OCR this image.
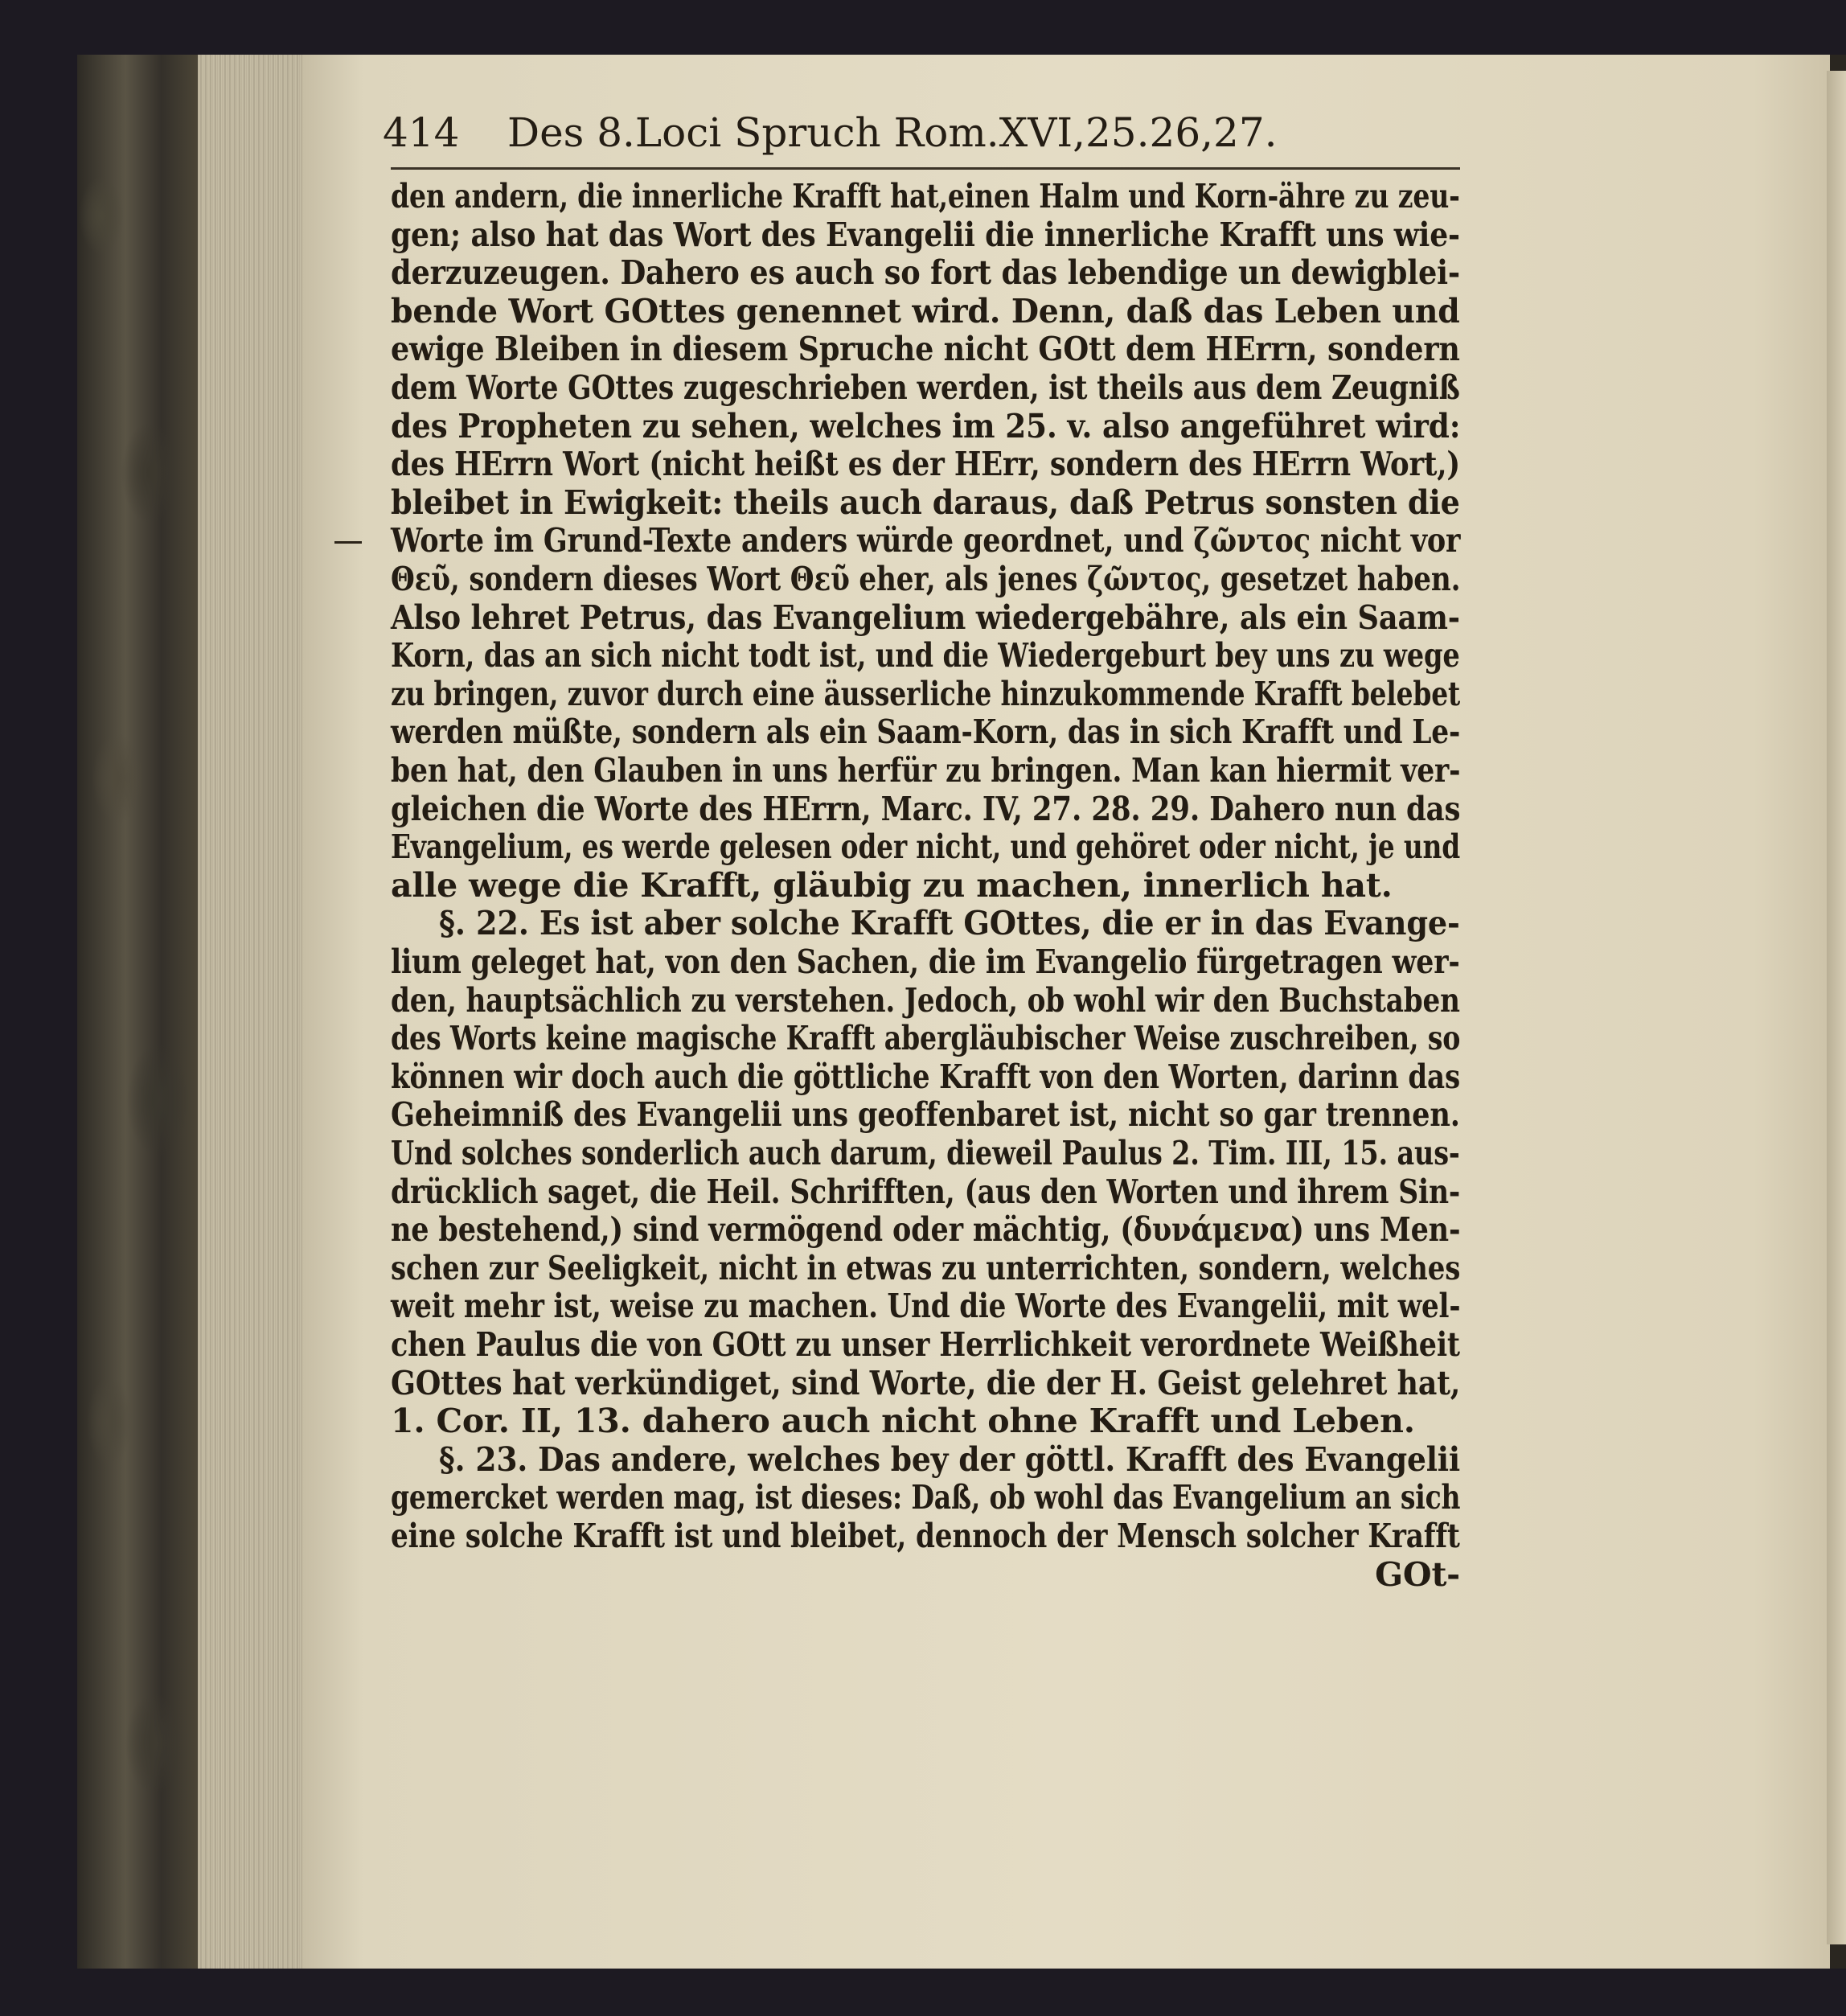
414 Des 8.Loci Spruch Rom.XVI,25.26,27.
den andern, die innerliche Krafft hat,einen Halm und Korn-ähre zu zeu-
gen; also hat das Wort des Evangelii die innerliche Krafft uns wie-
derzuzeugen. Dahero es auch so fort das lebendige un dewigblei-
bende Wort GOttes genennet wird. Denn, daß das Leben und
ewige Bleiben in diesem Spruche nicht GOtt dem HErrn, sondern
dem Worte GOttes zugeschrieben werden, ist theils aus dem Zeugniß
des Propheten zu sehen, welches im 25. v. also angeführet wird:
des HErrn Wort (nicht heißt es der HErr, sondern des HErrn Wort,)
bleibet in Ewigkeit: theils auch daraus, daß Petrus sonsten die
Worte im Grund-Texte anders würde geordnet, und ζῶντος nicht vor
Θεῦ, sondern dieses Wort Θεῦ eher, als jenes ζῶντος, gesetzet haben.
Also lehret Petrus, das Evangelium wiedergebähre, als ein Saam-
Korn, das an sich nicht todt ist, und die Wiedergeburt bey uns zu wege
zu bringen, zuvor durch eine äusserliche hinzukommende Krafft belebet
werden müßte, sondern als ein Saam-Korn, das in sich Krafft und Le-
ben hat, den Glauben in uns herfür zu bringen. Man kan hiermit ver-
gleichen die Worte des HErrn, Marc. IV, 27. 28. 29. Dahero nun das
Evangelium, es werde gelesen oder nicht, und gehöret oder nicht, je und
alle wege die Krafft, gläubig zu machen, innerlich hat.
§. 22. Es ist aber solche Krafft GOttes, die er in das Evange-
lium geleget hat, von den Sachen, die im Evangelio fürgetragen wer-
den, hauptsächlich zu verstehen. Jedoch, ob wohl wir den Buchstaben
des Worts keine magische Krafft abergläubischer Weise zuschreiben, so
können wir doch auch die göttliche Krafft von den Worten, darinn das
Geheimniß des Evangelii uns geoffenbaret ist, nicht so gar trennen.
Und solches sonderlich auch darum, dieweil Paulus 2. Tim. III, 15. aus-
drücklich saget, die Heil. Schrifften, (aus den Worten und ihrem Sin-
ne bestehend,) sind vermögend oder mächtig, (δυνάμενα) uns Men-
schen zur Seeligkeit, nicht in etwas zu unterrichten, sondern, welches
weit mehr ist, weise zu machen. Und die Worte des Evangelii, mit wel-
chen Paulus die von GOtt zu unser Herrlichkeit verordnete Weißheit
GOttes hat verkündiget, sind Worte, die der H. Geist gelehret hat,
1. Cor. II, 13. dahero auch nicht ohne Krafft und Leben.
§. 23. Das andere, welches bey der göttl. Krafft des Evangelii
gemercket werden mag, ist dieses: Daß, ob wohl das Evangelium an sich
eine solche Krafft ist und bleibet, dennoch der Mensch solcher Krafft
GOt-
